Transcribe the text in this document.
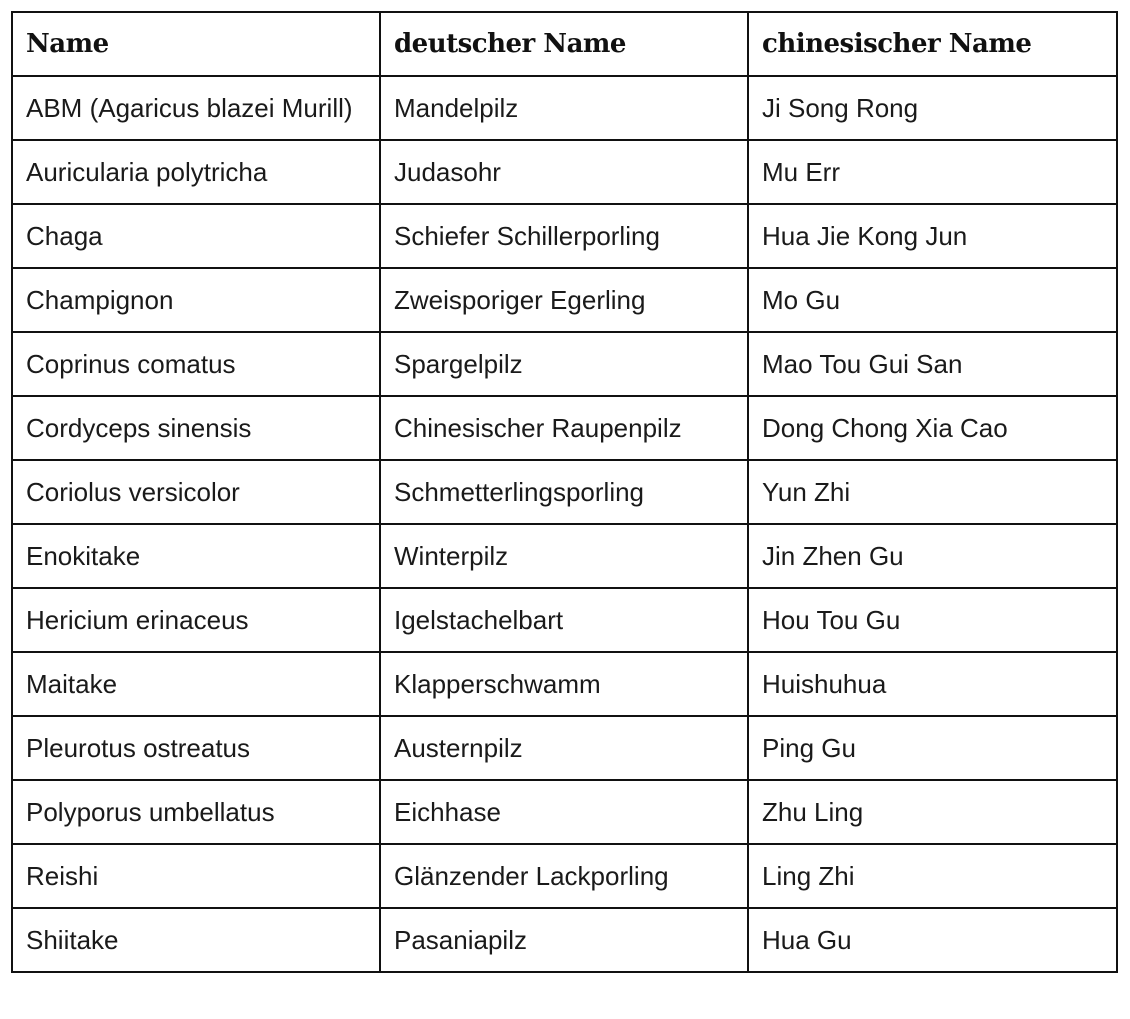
Name	deutscher Name	chinesischer Name
ABM (Agaricus blazei Murill)	Mandelpilz	Ji Song Rong
Auricularia polytricha	Judasohr	Mu Err
Chaga	Schiefer Schillerporling	Hua Jie Kong Jun
Champignon	Zweisporiger Egerling	Mo Gu
Coprinus comatus	Spargelpilz	Mao Tou Gui San
Cordyceps sinensis	Chinesischer Raupenpilz	Dong Chong Xia Cao
Coriolus versicolor	Schmetterlingsporling	Yun Zhi
Enokitake	Winterpilz	Jin Zhen Gu
Hericium erinaceus	Igelstachelbart	Hou Tou Gu
Maitake	Klapperschwamm	Huishuhua
Pleurotus ostreatus	Austernpilz	Ping Gu
Polyporus umbellatus	Eichhase	Zhu Ling
Reishi	Glänzender Lackporling	Ling Zhi
Shiitake	Pasaniapilz	Hua Gu
